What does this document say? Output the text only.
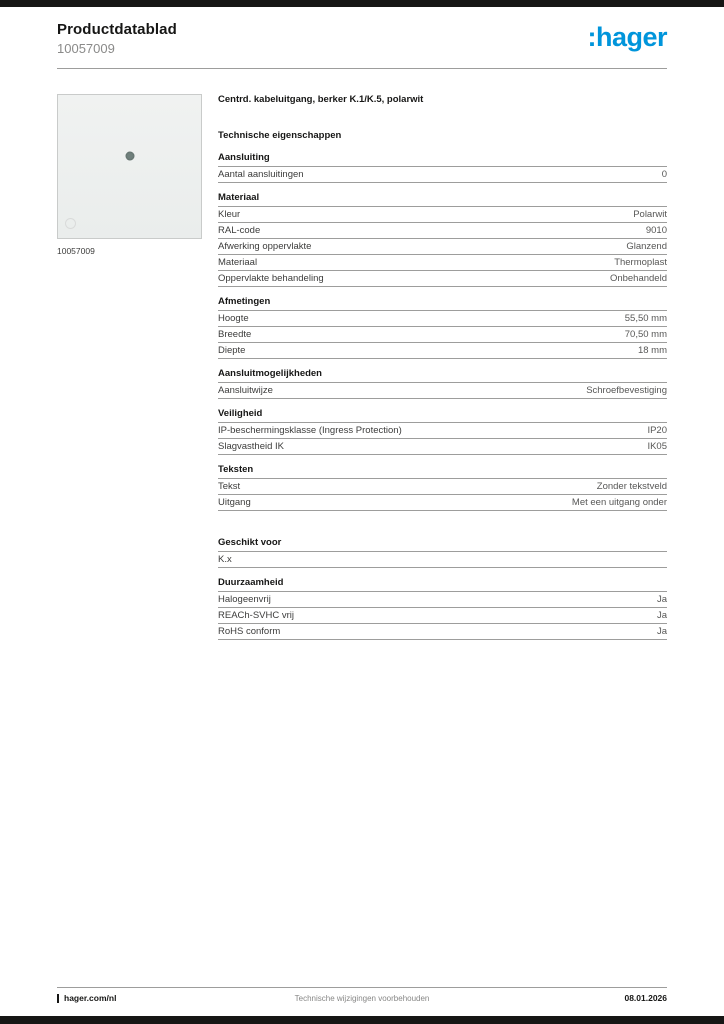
Productdatablad
10057009	:hager
10057009
Centrd. kabeluitgang, berker K.1/K.5, polarwit
Technische eigenschappen
Aansluiting
Aantal aansluitingen	0
Materiaal
Kleur	Polarwit
RAL-code	9010
Afwerking oppervlakte	Glanzend
Materiaal	Thermoplast
Oppervlakte behandeling	Onbehandeld
Afmetingen
Hoogte	55,50 mm
Breedte	70,50 mm
Diepte	18 mm
Aansluitmogelijkheden
Aansluitwijze	Schroefbevestiging
Veiligheid
IP-beschermingsklasse (Ingress Protection)	IP20
Slagvastheid IK	IK05
Teksten
Tekst	Zonder tekstveld
Uitgang	Met een uitgang onder
Geschikt voor
K.x
Duurzaamheid
Halogeenvrij	Ja
REACh-SVHC vrij	Ja
RoHS conform	Ja
hager.com/nl	Technische wijzigingen voorbehouden	08.01.2026
